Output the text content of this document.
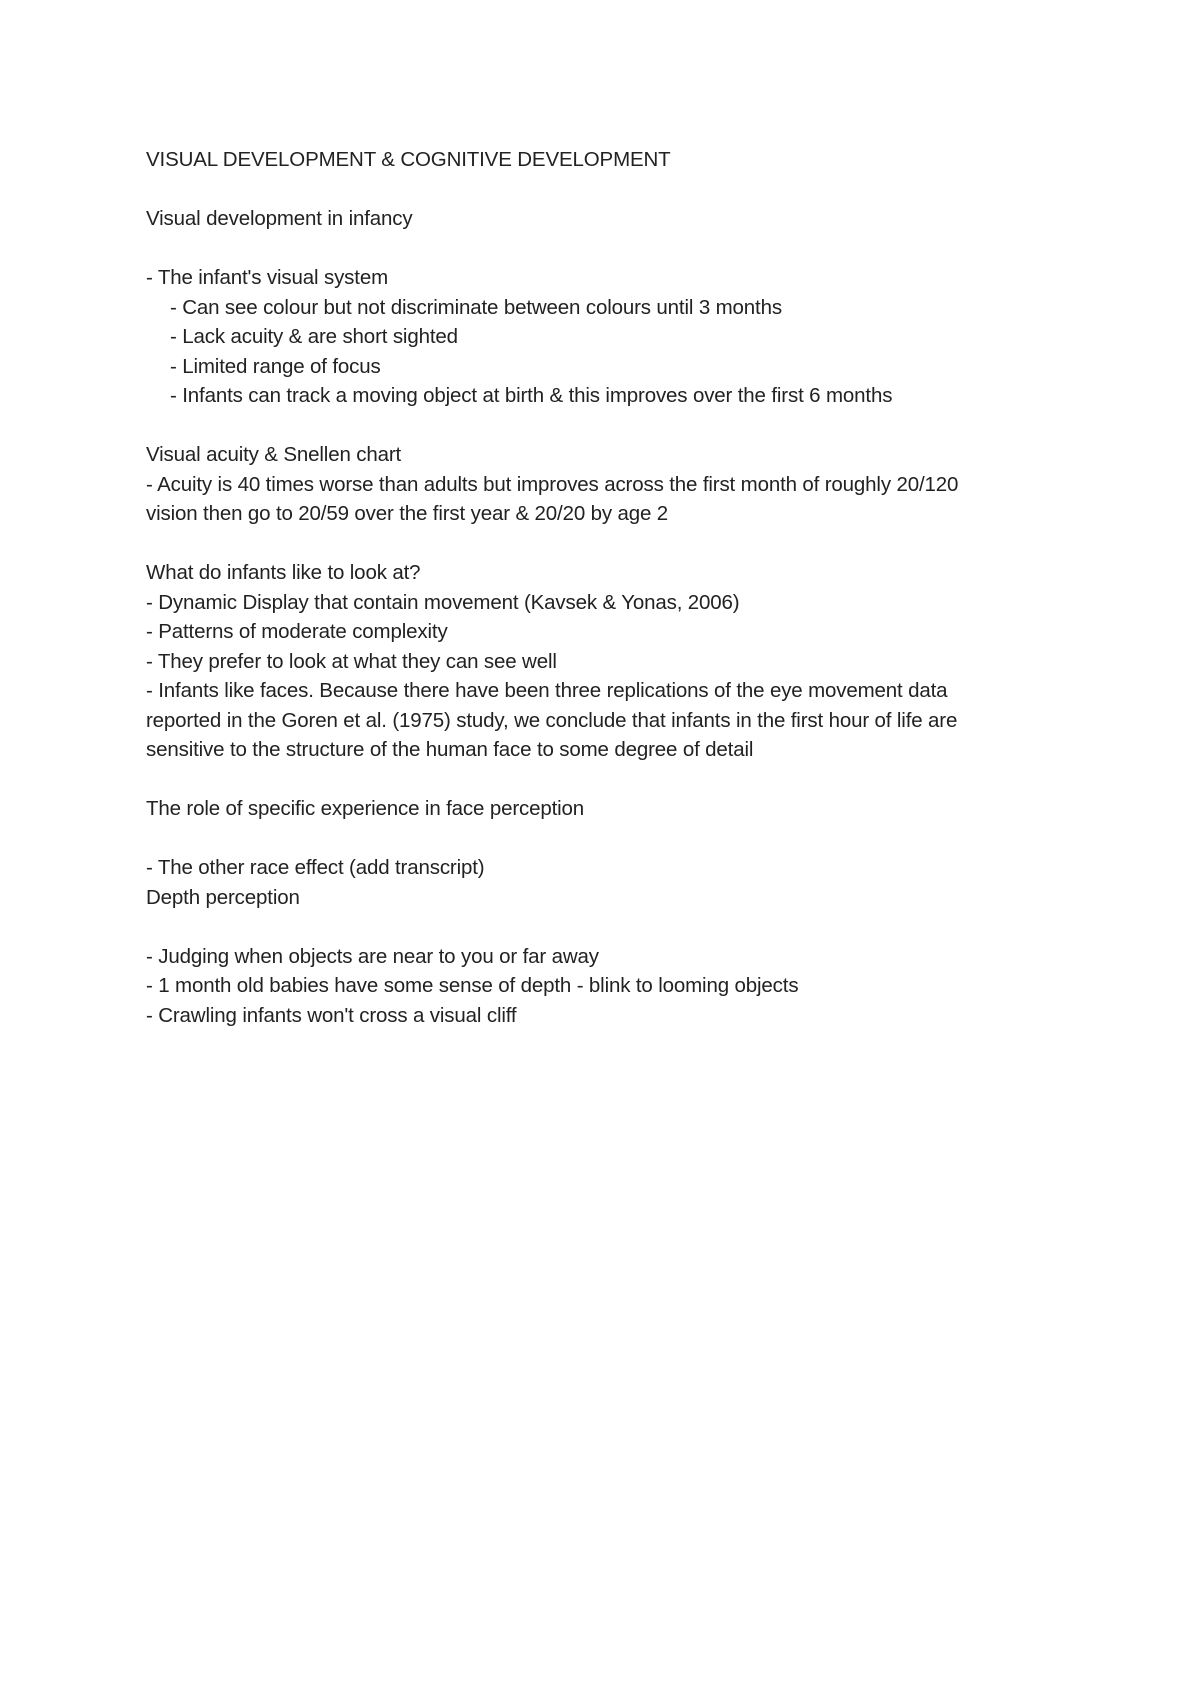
VISUAL DEVELOPMENT & COGNITIVE DEVELOPMENT
Visual development in infancy
- The infant's visual system
- Can see colour but not discriminate between colours until 3 months
- Lack acuity & are short sighted
- Limited range of focus
- Infants can track a moving object at birth & this improves over the first 6 months
Visual acuity & Snellen chart
- Acuity is 40 times worse than adults but improves across the first month of roughly 20/120
vision then go to 20/59 over the first year & 20/20 by age 2
What do infants like to look at?
- Dynamic Display that contain movement (Kavsek & Yonas, 2006)
- Patterns of moderate complexity
- They prefer to look at what they can see well
- Infants like faces. Because there have been three replications of the eye movement data
reported in the Goren et al. (1975) study, we conclude that infants in the first hour of life are
sensitive to the structure of the human face to some degree of detail
The role of specific experience in face perception
- The other race effect (add transcript)
Depth perception
- Judging when objects are near to you or far away
- 1 month old babies have some sense of depth - blink to looming objects
- Crawling infants won't cross a visual cliff
